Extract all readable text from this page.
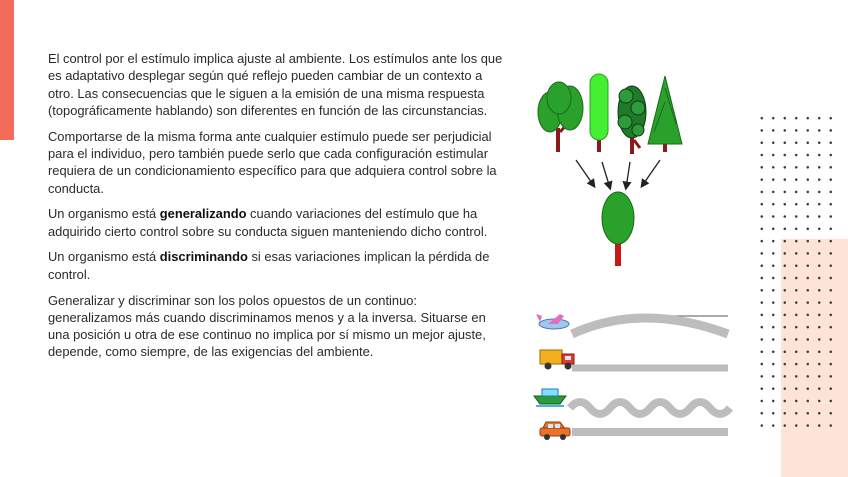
El control por el estímulo implica ajuste al ambiente. Los estímulos ante los que es adaptativo desplegar según qué reflejo pueden cambiar de un contexto a otro. Las consecuencias que le siguen a la emisión de una misma respuesta (topográficamente hablando) son diferentes en función de las circunstancias.

Comportarse de la misma forma ante cualquier estímulo puede ser perjudicial para el individuo, pero también puede serlo que cada configuración estimular requiera de un condicionamiento específico para que adquiera control sobre la conducta.

Un organismo está generalizando cuando variaciones del estímulo que ha adquirido cierto control sobre su conducta siguen manteniendo dicho control.

Un organismo está discriminando si esas variaciones implican la pérdida de control.

Generalizar y discriminar son los polos opuestos de un continuo: generalizamos más cuando discriminamos menos y a la inversa. Situarse en una posición u otra de ese continuo no implica por sí mismo un mejor ajuste, depende, como siempre, de las exigencias del ambiente.
